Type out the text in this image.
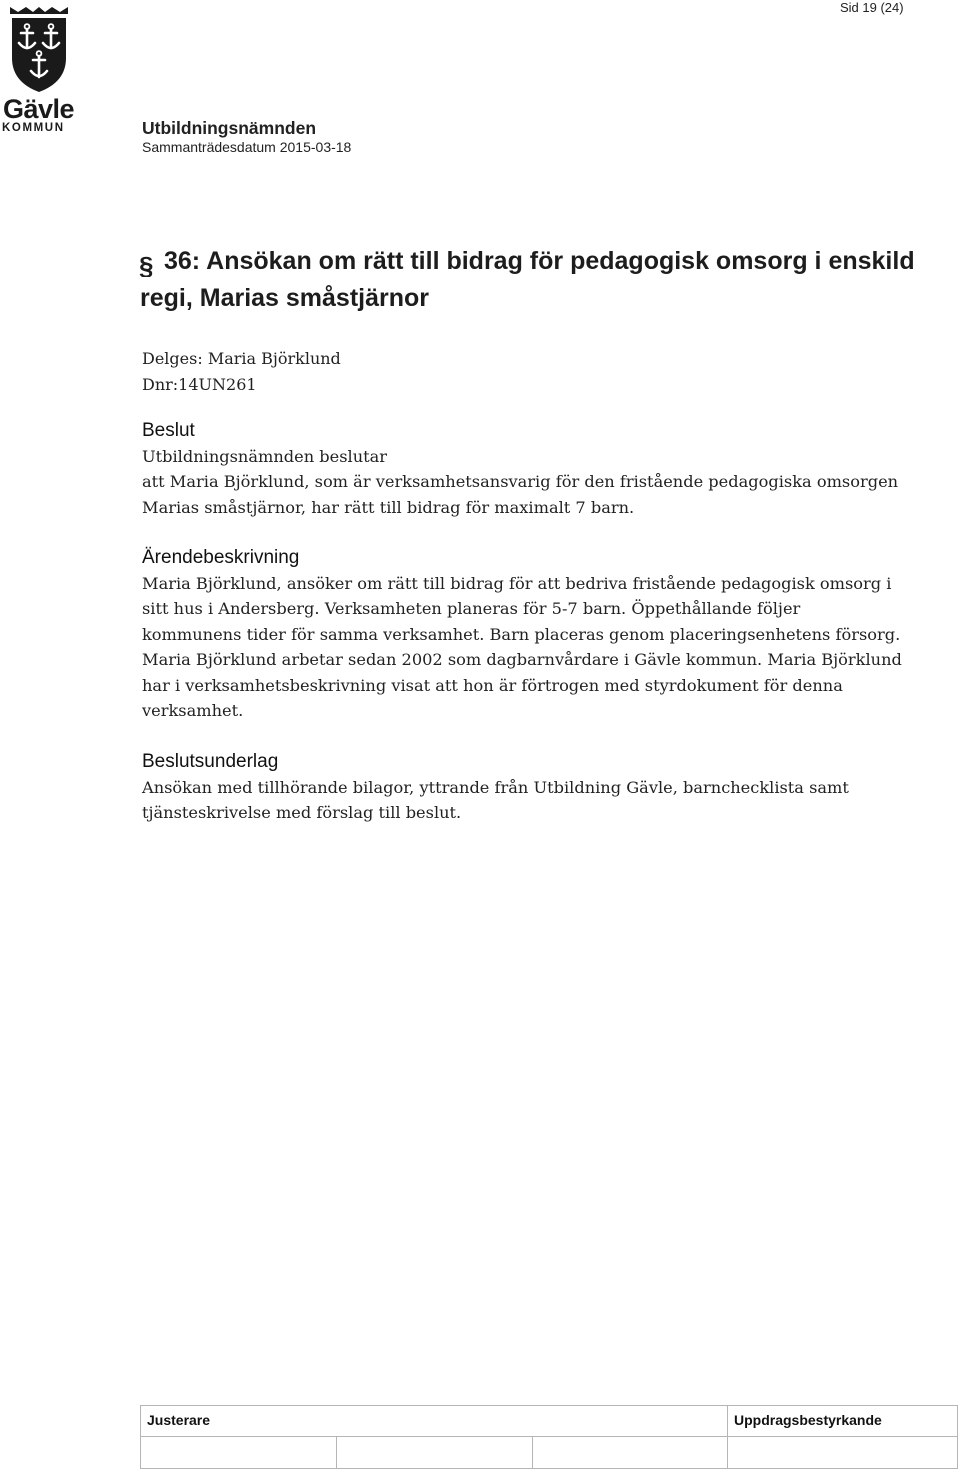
Sid 19 (24)
Gävle
KOMMUN	Utbildningsnämnden
Sammanträdesdatum 2015-03-18
§ 36: Ansökan om rätt till bidrag för pedagogisk omsorg i enskild regi, Marias småstjärnor
Delges: Maria Björklund
Dnr:14UN261
Beslut

Utbildningsnämnden beslutar

att Maria Björklund, som är verksamhetsansvarig för den fristående pedagogiska omsorgen Marias småstjärnor, har rätt till bidrag för maximalt 7 barn.

Ärendebeskrivning

Maria Björklund, ansöker om rätt till bidrag för att bedriva fristående pedagogisk omsorg i sitt hus i Andersberg. Verksamheten planeras för 5-7 barn. Öppethållande följer kommunens tider för samma verksamhet. Barn placeras genom placeringsenhetens försorg. Maria Björklund arbetar sedan 2002 som dagbarnvårdare i Gävle kommun. Maria Björklund har i verksamhetsbeskrivning visat att hon är förtrogen med styrdokument för denna verksamhet.

Beslutsunderlag

Ansökan med tillhörande bilagor, yttrande från Utbildning Gävle, barnchecklista samt tjänsteskrivelse med förslag till beslut.

Justerare	Uppdragsbestyrkande
